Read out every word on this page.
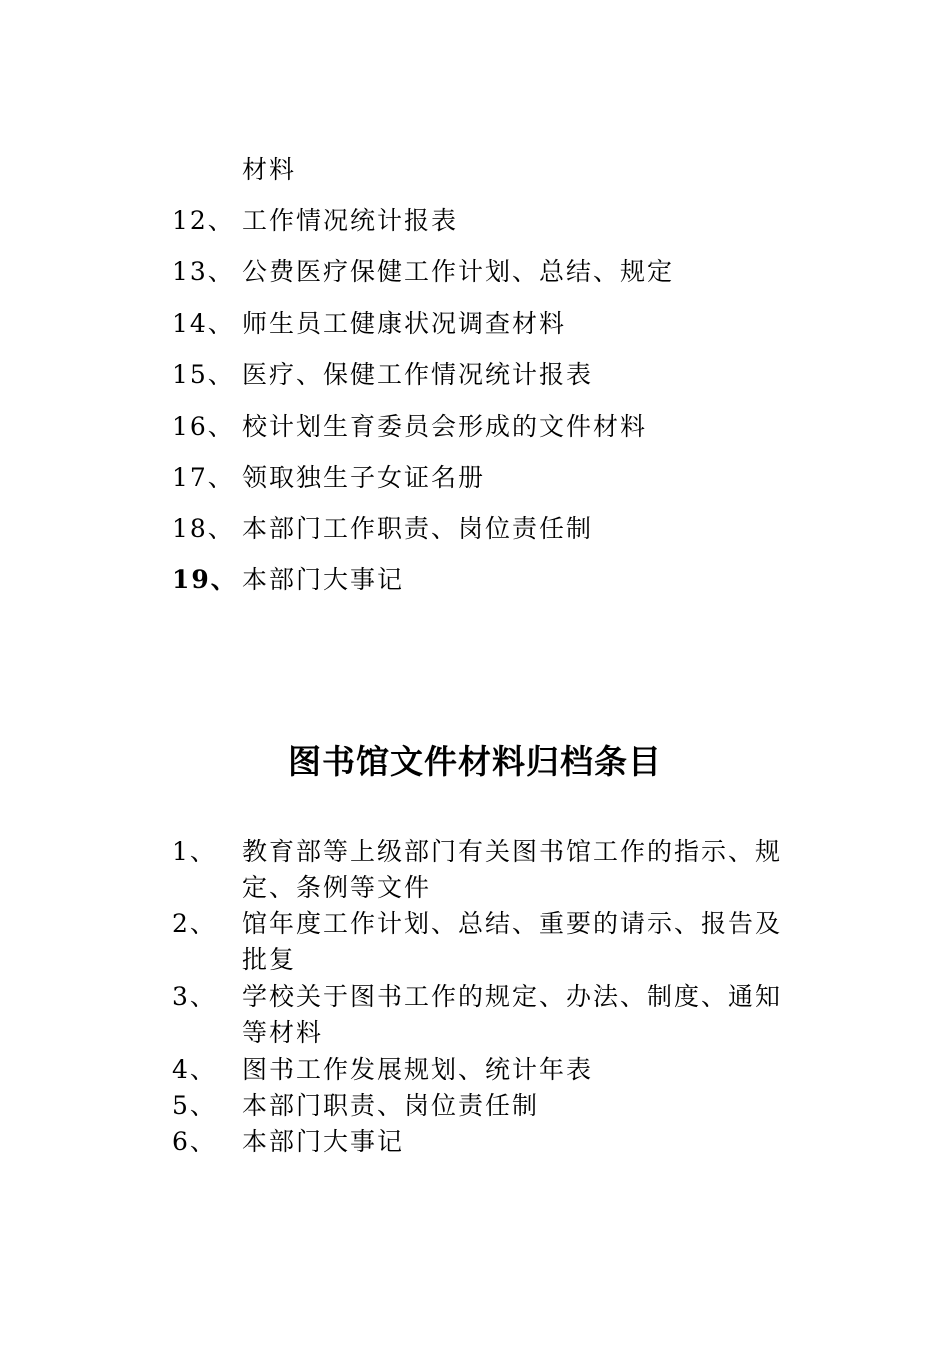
材料
12、 工作情况统计报表
13、 公费医疗保健工作计划、总结、规定
14、 师生员工健康状况调查材料
15、 医疗、保健工作情况统计报表
16、 校计划生育委员会形成的文件材料
17、 领取独生子女证名册
18、 本部门工作职责、岗位责任制
19、 本部门大事记
图书馆文件材料归档条目
1、	教育部等上级部门有关图书馆工作的指示、规定、条例等文件
2、	馆年度工作计划、总结、重要的请示、报告及批复
3、	学校关于图书工作的规定、办法、制度、通知等材料
4、	图书工作发展规划、统计年表
5、	本部门职责、岗位责任制
6、	本部门大事记
